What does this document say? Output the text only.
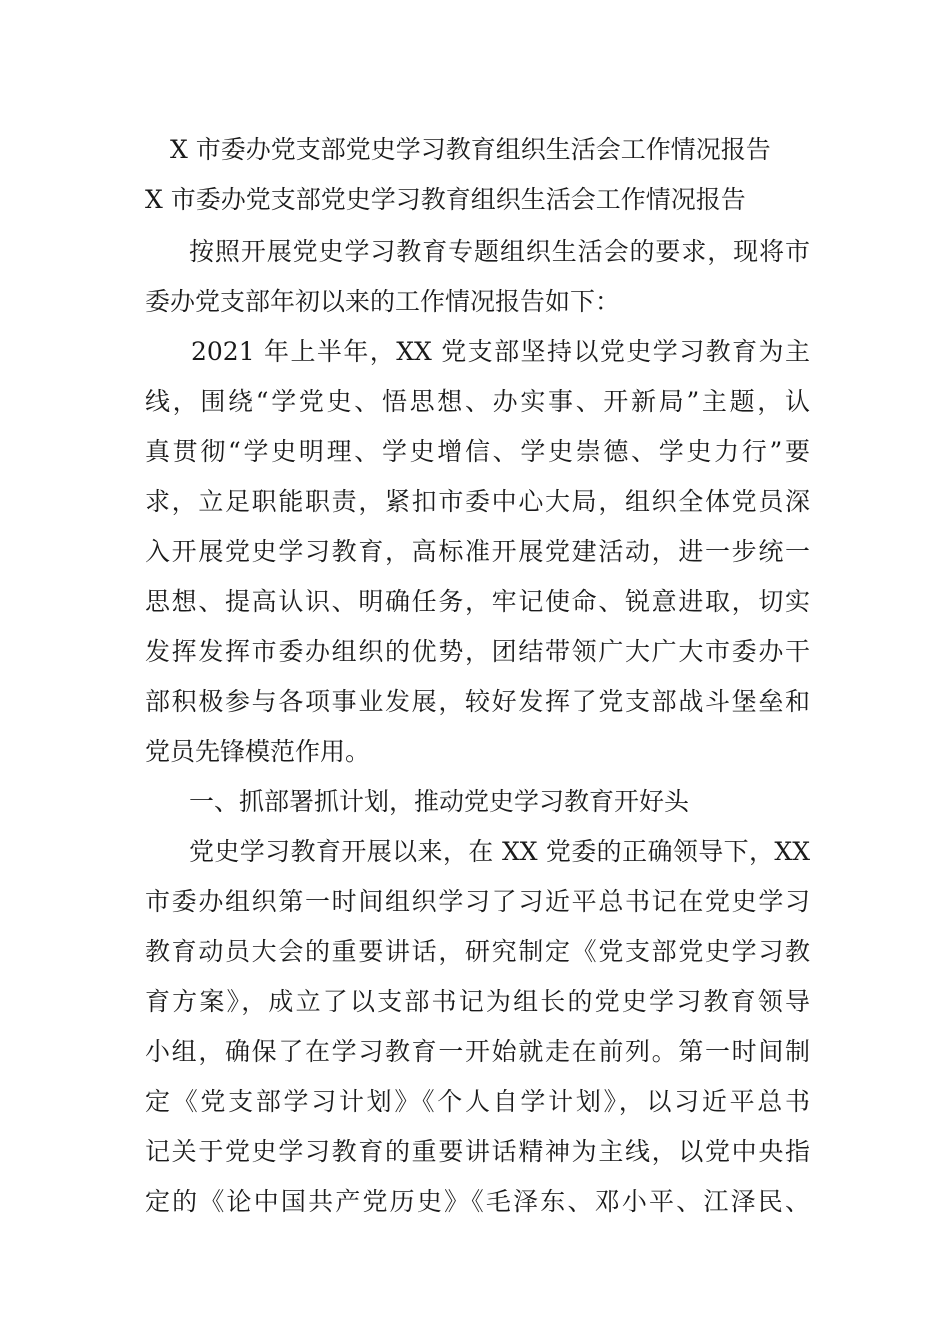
X 市委办党支部党史学习教育组织生活会工作情况报告

X 市委办党支部党史学习教育组织生活会工作情况报告

按照开展党史学习教育专题组织生活会的要求，现将市

委办党支部年初以来的工作情况报告如下：

2021 年上半年，XX 党支部坚持以党史学习教育为主

线，围绕“学党史、悟思想、办实事、开新局”主题，认

真贯彻“学史明理、学史增信、学史崇德、学史力行”要

求，立足职能职责，紧扣市委中心大局，组织全体党员深

入开展党史学习教育，高标准开展党建活动，进一步统一

思想、提高认识、明确任务，牢记使命、锐意进取，切实

发挥发挥市委办组织的优势，团结带领广大广大市委办干

部积极参与各项事业发展，较好发挥了党支部战斗堡垒和

党员先锋模范作用。

一、抓部署抓计划，推动党史学习教育开好头

党史学习教育开展以来，在 XX 党委的正确领导下，XX

市委办组织第一时间组织学习了习近平总书记在党史学习

教育动员大会的重要讲话，研究制定《党支部党史学习教

育方案》，成立了以支部书记为组长的党史学习教育领导

小组，确保了在学习教育一开始就走在前列。第一时间制

定《党支部学习计划》《个人自学计划》，以习近平总书

记关于党史学习教育的重要讲话精神为主线，以党中央指

定的《论中国共产党历史》《毛泽东、邓小平、江泽民、
